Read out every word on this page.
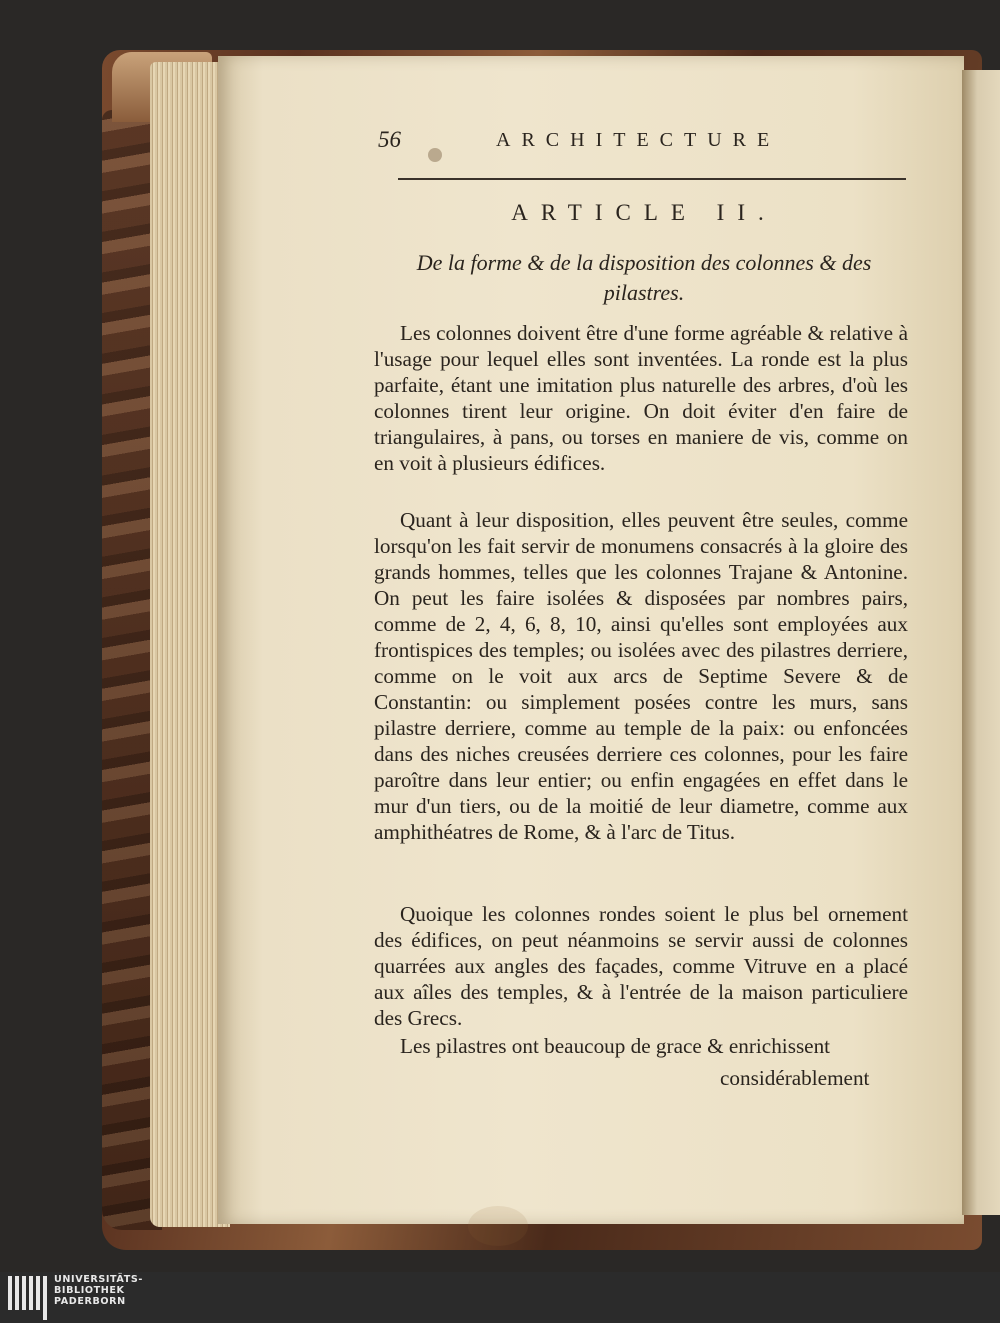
56	ARCHITECTURE
ARTICLE II.
De la forme & de la disposition des colonnes & des pilastres.

Les colonnes doivent être d'une forme agréable & relative à l'usage pour lequel elles sont inventées. La ronde est la plus parfaite, étant une imitation plus naturelle des arbres, d'où les colonnes tirent leur origine. On doit éviter d'en faire de triangulaires, à pans, ou torses en maniere de vis, comme on en voit à plusieurs édifices.

Quant à leur disposition, elles peuvent être seules, comme lorsqu'on les fait servir de monumens consacrés à la gloire des grands hommes, telles que les colonnes Trajane & Antonine. On peut les faire isolées & disposées par nombres pairs, comme de 2, 4, 6, 8, 10, ainsi qu'elles sont employées aux frontispices des temples; ou isolées avec des pilastres derriere, comme on le voit aux arcs de Septime Severe & de Constantin: ou simplement posées contre les murs, sans pilastre derriere, comme au temple de la paix: ou enfoncées dans des niches creusées derriere ces colonnes, pour les faire paroître dans leur entier; ou enfin engagées en effet dans le mur d'un tiers, ou de la moitié de leur diametre, comme aux amphithéatres de Rome, & à l'arc de Titus.

Quoique les colonnes rondes soient le plus bel ornement des édifices, on peut néanmoins se servir aussi de colonnes quarrées aux angles des façades, comme Vitruve en a placé aux aîles des temples, & à l'entrée de la maison particuliere des Grecs.

Les pilastres ont beaucoup de grace & enrichissent

considérablement
UNIVERSITÄTS-
BIBLIOTHEK
PADERBORN
